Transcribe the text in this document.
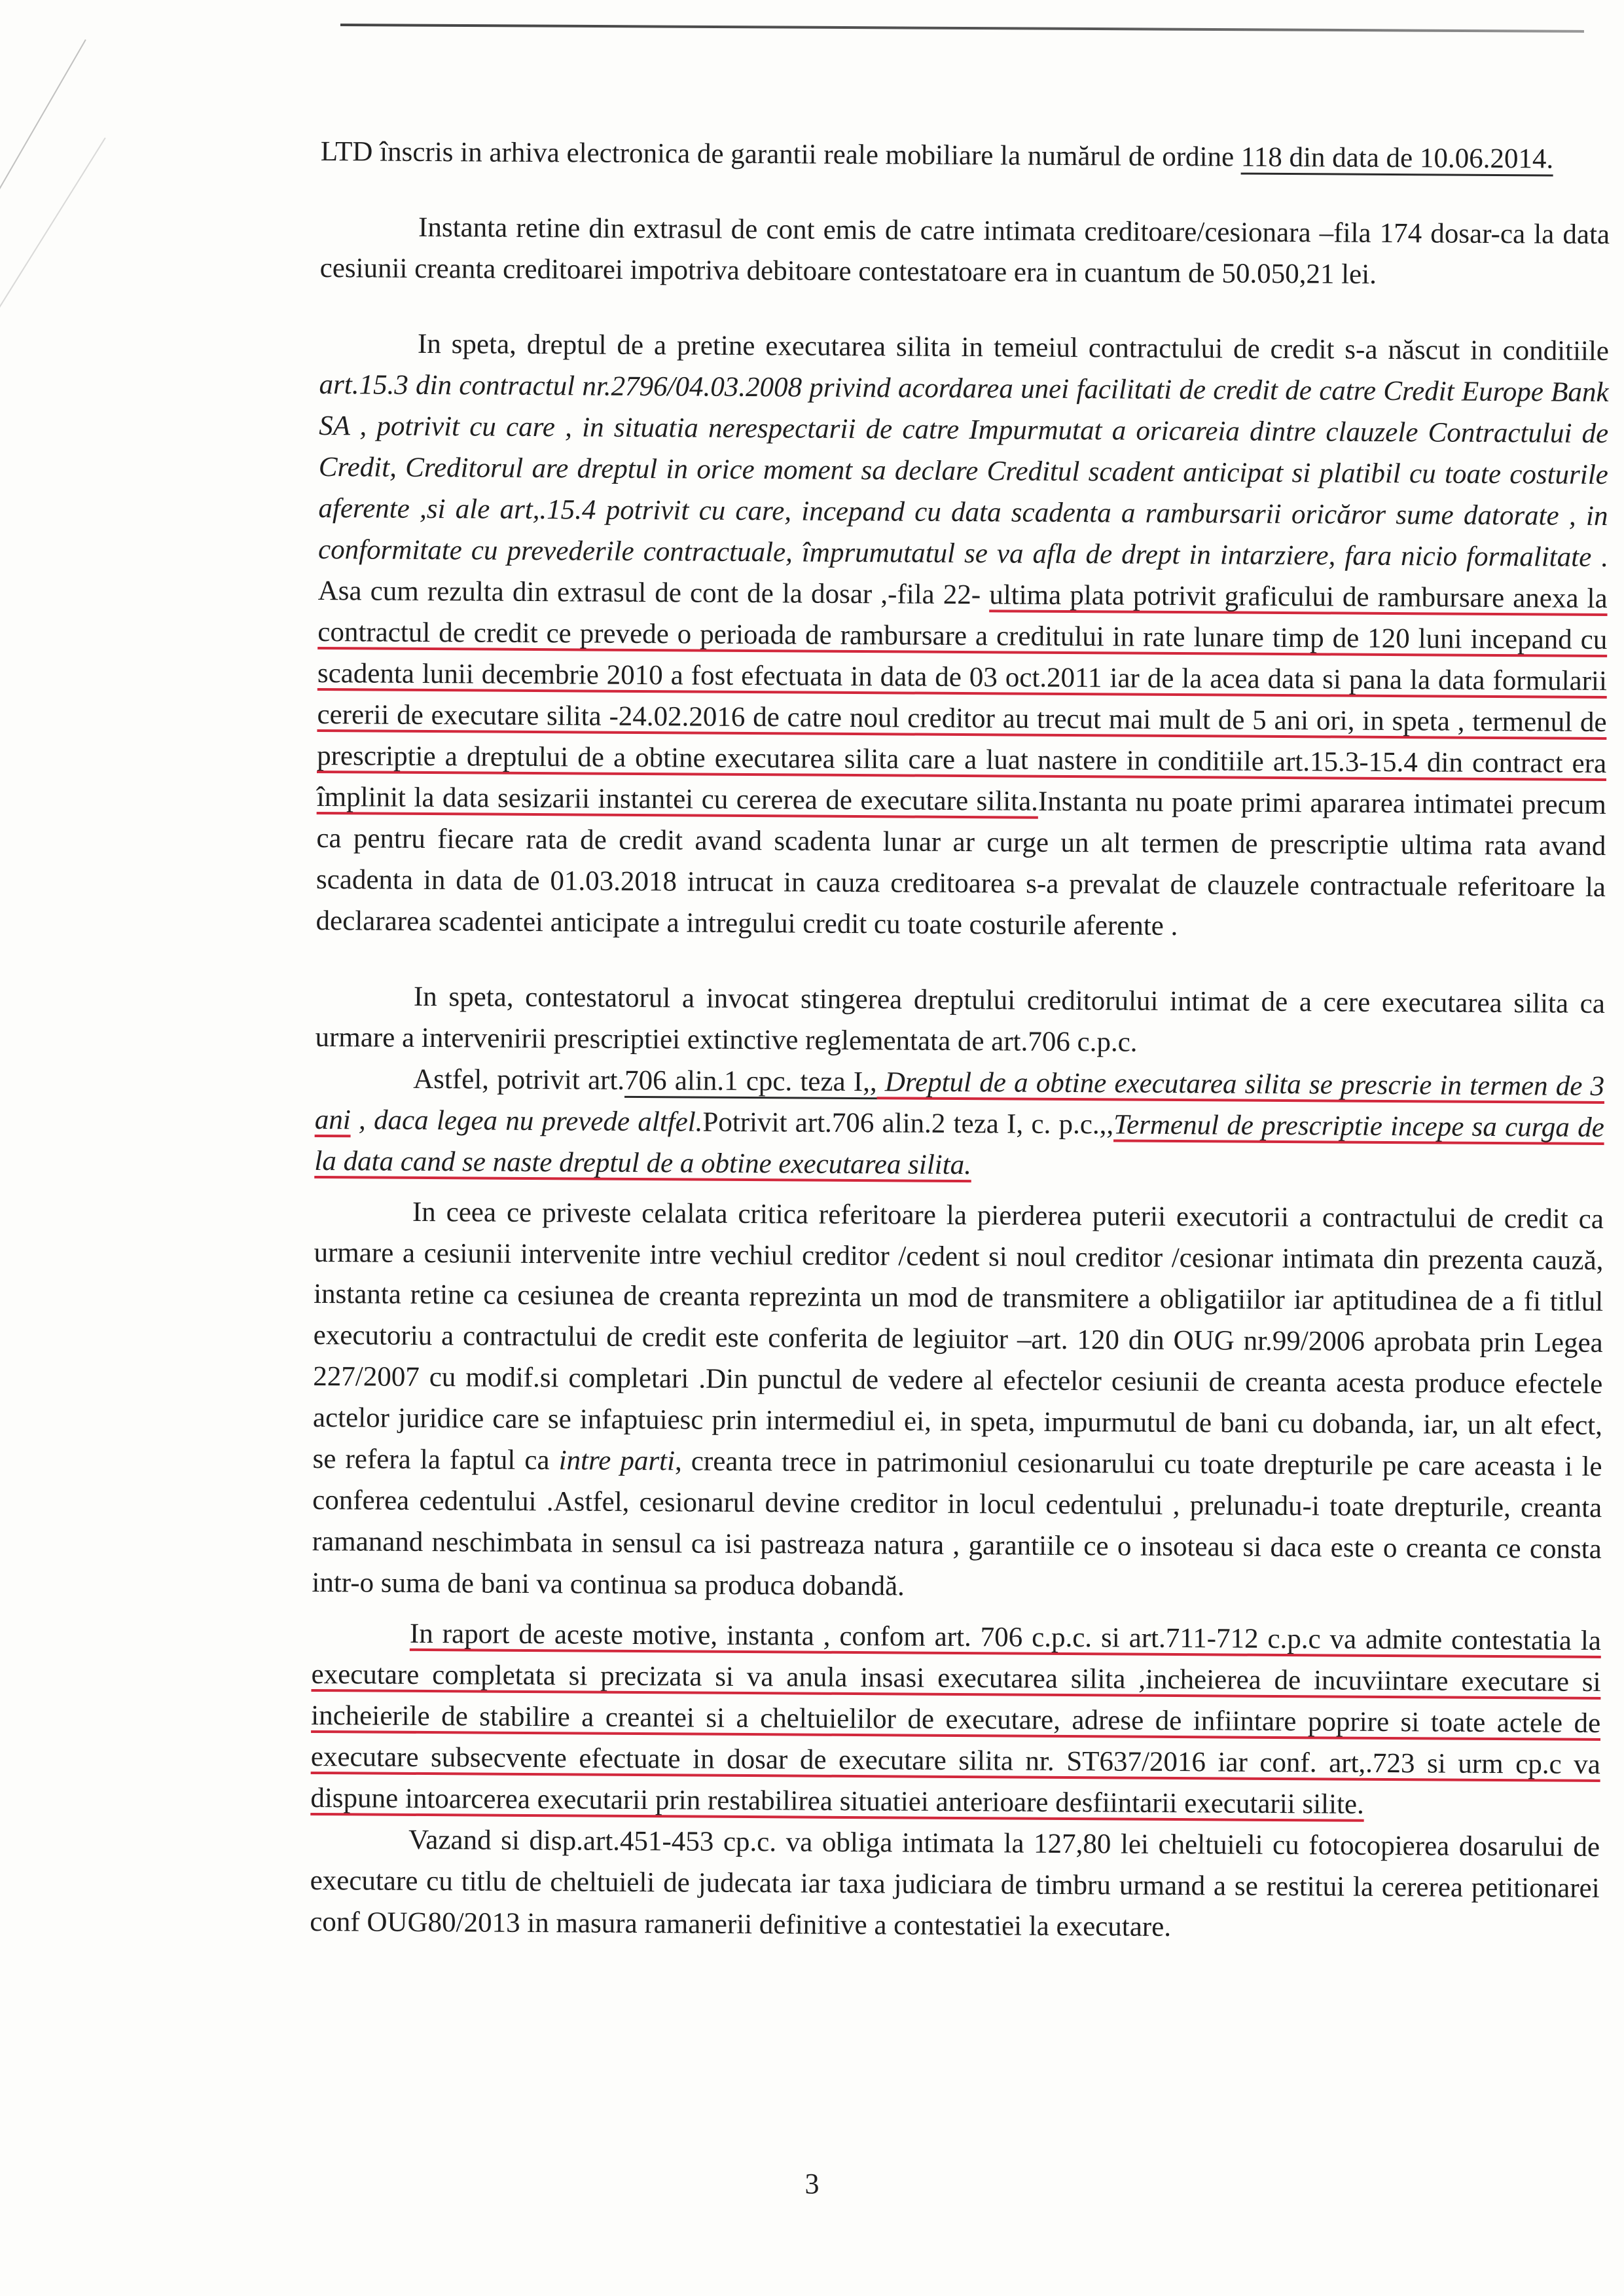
LTD înscris in arhiva electronica de garantii reale mobiliare la numărul de ordine 118 din data de 10.06.2014.

Instanta retine din extrasul de cont emis de catre intimata creditoare/cesionara –fila 174 dosar-ca la data cesiunii creanta creditoarei impotriva debitoare contestatoare era in cuantum de 50.050,21 lei.

In speta, dreptul de a pretine executarea silita in temeiul contractului de credit s-a născut in conditiile art.15.3 din contractul nr.2796/04.03.2008 privind acordarea unei facilitati de credit de catre Credit Europe Bank SA , potrivit cu care , in situatia nerespectarii de catre Impurmutat a oricareia dintre clauzele Contractului de Credit, Creditorul are dreptul in orice moment sa declare Creditul scadent anticipat si platibil cu toate costurile aferente ,si ale art,.15.4 potrivit cu care, incepand cu data scadenta a rambursarii oricăror sume datorate , in conformitate cu prevederile contractuale, împrumutatul se va afla de drept in intarziere, fara nicio formalitate . Asa cum rezulta din extrasul de cont de la dosar ,-fila 22- ultima plata potrivit graficului de rambursare anexa la contractul de credit ce prevede o perioada de rambursare a creditului in rate lunare timp de 120 luni incepand cu scadenta lunii decembrie 2010 a fost efectuata in data de 03 oct.2011 iar de la acea data si pana la data formularii cererii de executare silita -24.02.2016 de catre noul creditor au trecut mai mult de 5 ani ori, in speta , termenul de prescriptie a dreptului de a obtine executarea silita care a luat nastere in conditiile art.15.3-15.4 din contract era împlinit la data sesizarii instantei cu cererea de executare silita.Instanta nu poate primi apararea intimatei precum ca pentru fiecare rata de credit avand scadenta lunar ar curge un alt termen de prescriptie ultima rata avand scadenta in data de 01.03.2018 intrucat in cauza creditoarea s-a prevalat de clauzele contractuale referitoare la declararea scadentei anticipate a intregului credit cu toate costurile aferente .

In speta, contestatorul a invocat stingerea dreptului creditorului intimat de a cere executarea silita ca urmare a intervenirii prescriptiei extinctive reglementata de art.706 c.p.c.

Astfel, potrivit art.706 alin.1 cpc. teza I,, Dreptul de a obtine executarea silita se prescrie in termen de 3 ani , daca legea nu prevede altfel.Potrivit art.706 alin.2 teza I, c. p.c.,,Termenul de prescriptie incepe sa curga de la data cand se naste dreptul de a obtine executarea silita.

In ceea ce priveste celalata critica referitoare la pierderea puterii executorii a contractului de credit ca urmare a cesiunii intervenite intre vechiul creditor /cedent si noul creditor /cesionar intimata din prezenta cauză, instanta retine ca cesiunea de creanta reprezinta un mod de transmitere a obligatiilor iar aptitudinea de a fi titlul executoriu a contractului de credit este conferita de legiuitor –art. 120 din OUG nr.99/2006 aprobata prin Legea 227/2007 cu modif.si completari .Din punctul de vedere al efectelor cesiunii de creanta acesta produce efectele actelor juridice care se infaptuiesc prin intermediul ei, in speta, impurmutul de bani cu dobanda, iar, un alt efect, se refera la faptul ca intre parti, creanta trece in patrimoniul cesionarului cu toate drepturile pe care aceasta i le conferea cedentului .Astfel, cesionarul devine creditor in locul cedentului , prelunadu-i toate drepturile, creanta ramanand neschimbata in sensul ca isi pastreaza natura , garantiile ce o insoteau si daca este o creanta ce consta intr-o suma de bani va continua sa produca dobandă.

In raport de aceste motive, instanta , confom art. 706 c.p.c. si art.711-712 c.p.c va admite contestatia la executare completata si precizata si va anula insasi executarea silita ,incheierea de incuviintare executare si incheierile de stabilire a creantei si a cheltuielilor de executare, adrese de infiintare poprire si toate actele de executare subsecvente efectuate in dosar de executare silita nr. ST637/2016 iar conf. art,.723 si urm cp.c va dispune intoarcerea executarii prin restabilirea situatiei anterioare desfiintarii executarii silite.

Vazand si disp.art.451-453 cp.c. va obliga intimata la 127,80 lei cheltuieli cu fotocopierea dosarului de executare cu titlu de cheltuieli de judecata iar taxa judiciara de timbru urmand a se restitui la cererea petitionarei conf OUG80/2013 in masura ramanerii definitive a contestatiei la executare.

3
